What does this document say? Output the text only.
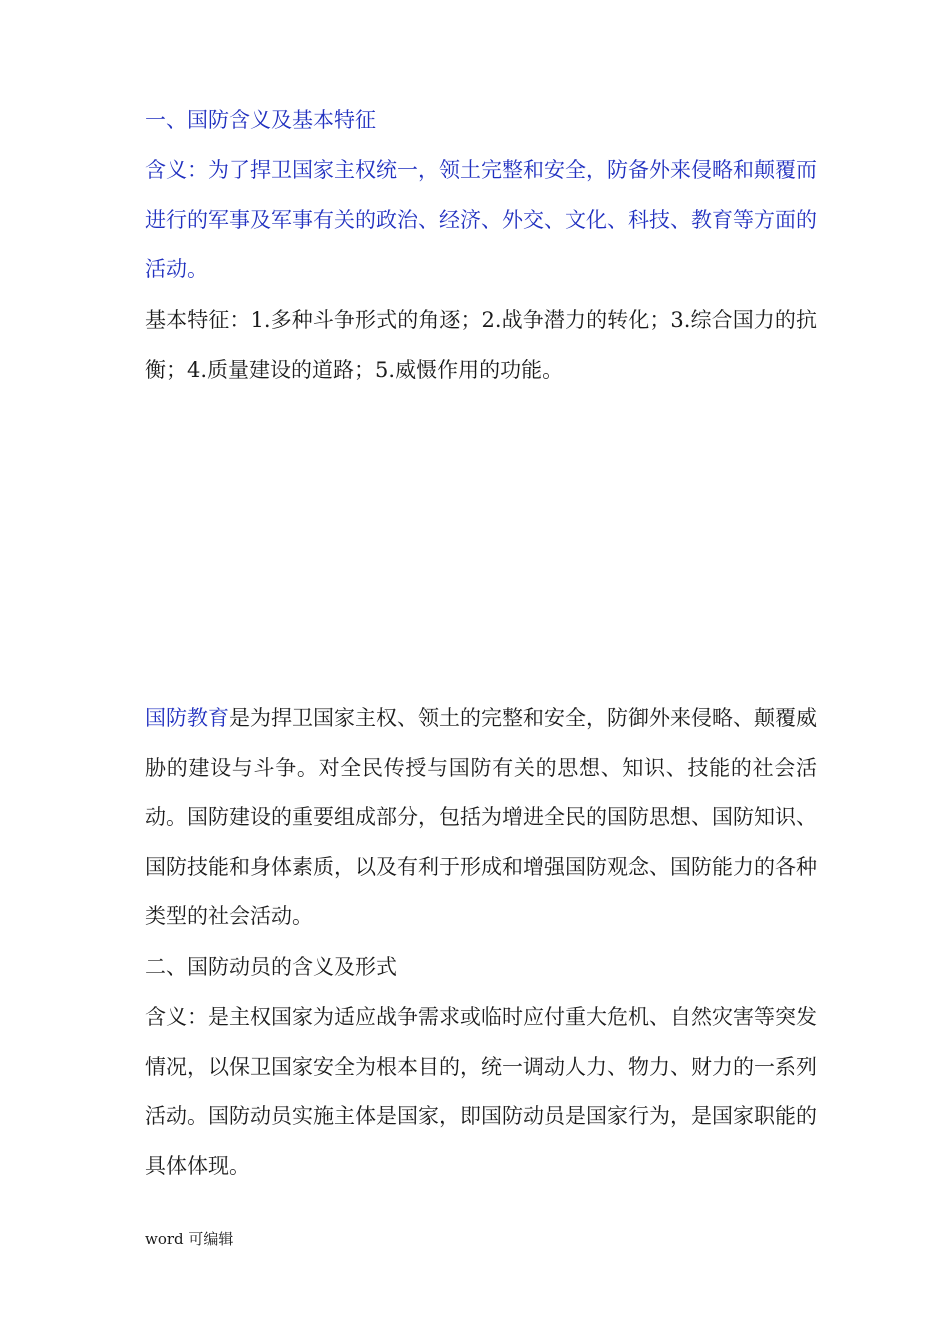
一、国防含义及基本特征

含义：为了捍卫国家主权统一，领土完整和安全，防备外来侵略和颠覆而进行的军事及军事有关的政治、经济、外交、文化、科技、教育等方面的活动。

基本特征：1.多种斗争形式的角逐；2.战争潜力的转化；3.综合国力的抗衡；4.质量建设的道路；5.威慑作用的功能。

国防教育是为捍卫国家主权、领土的完整和安全，防御外来侵略、颠覆威胁的建设与斗争。对全民传授与国防有关的思想、知识、技能的社会活动。国防建设的重要组成部分，包括为增进全民的国防思想、国防知识、国防技能和身体素质，以及有利于形成和增强国防观念、国防能力的各种类型的社会活动。

二、国防动员的含义及形式

含义：是主权国家为适应战争需求或临时应付重大危机、自然灾害等突发情况，以保卫国家安全为根本目的，统一调动人力、物力、财力的一系列活动。国防动员实施主体是国家，即国防动员是国家行为，是国家职能的具体体现。

word 可编辑
